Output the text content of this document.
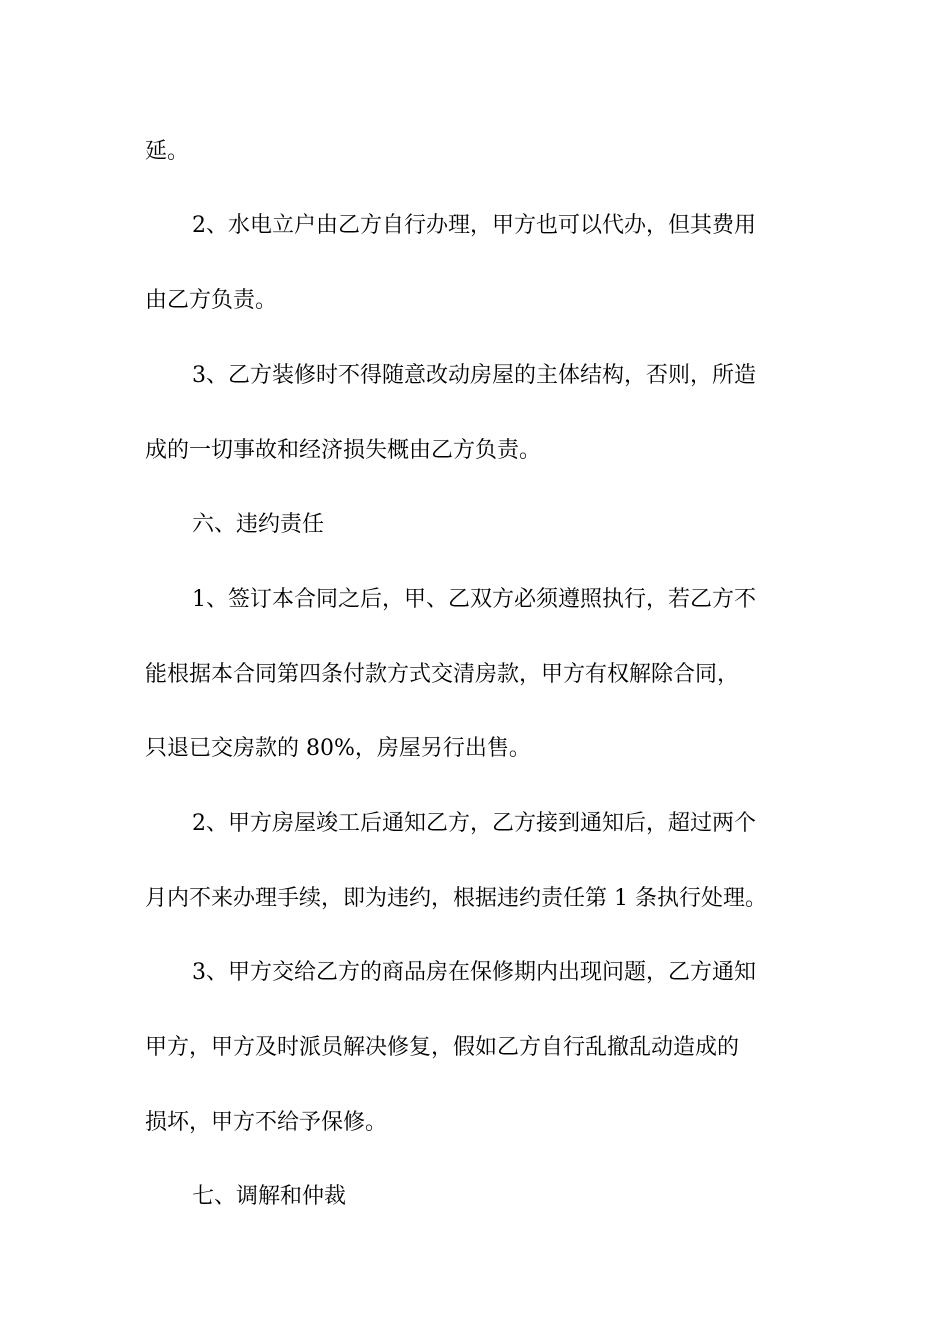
延。
2、水电立户由乙方自行办理，甲方也可以代办，但其费用
由乙方负责。
3、乙方装修时不得随意改动房屋的主体结构，否则，所造
成的一切事故和经济损失概由乙方负责。
六、违约责任
1、签订本合同之后，甲、乙双方必须遵照执行，若乙方不
能根据本合同第四条付款方式交清房款，甲方有权解除合同，
只退已交房款的 80%，房屋另行出售。
2、甲方房屋竣工后通知乙方，乙方接到通知后，超过两个
月内不来办理手续，即为违约，根据违约责任第 1 条执行处理。
3、甲方交给乙方的商品房在保修期内出现问题，乙方通知
甲方，甲方及时派员解决修复，假如乙方自行乱撤乱动造成的
损坏，甲方不给予保修。
七、调解和仲裁
